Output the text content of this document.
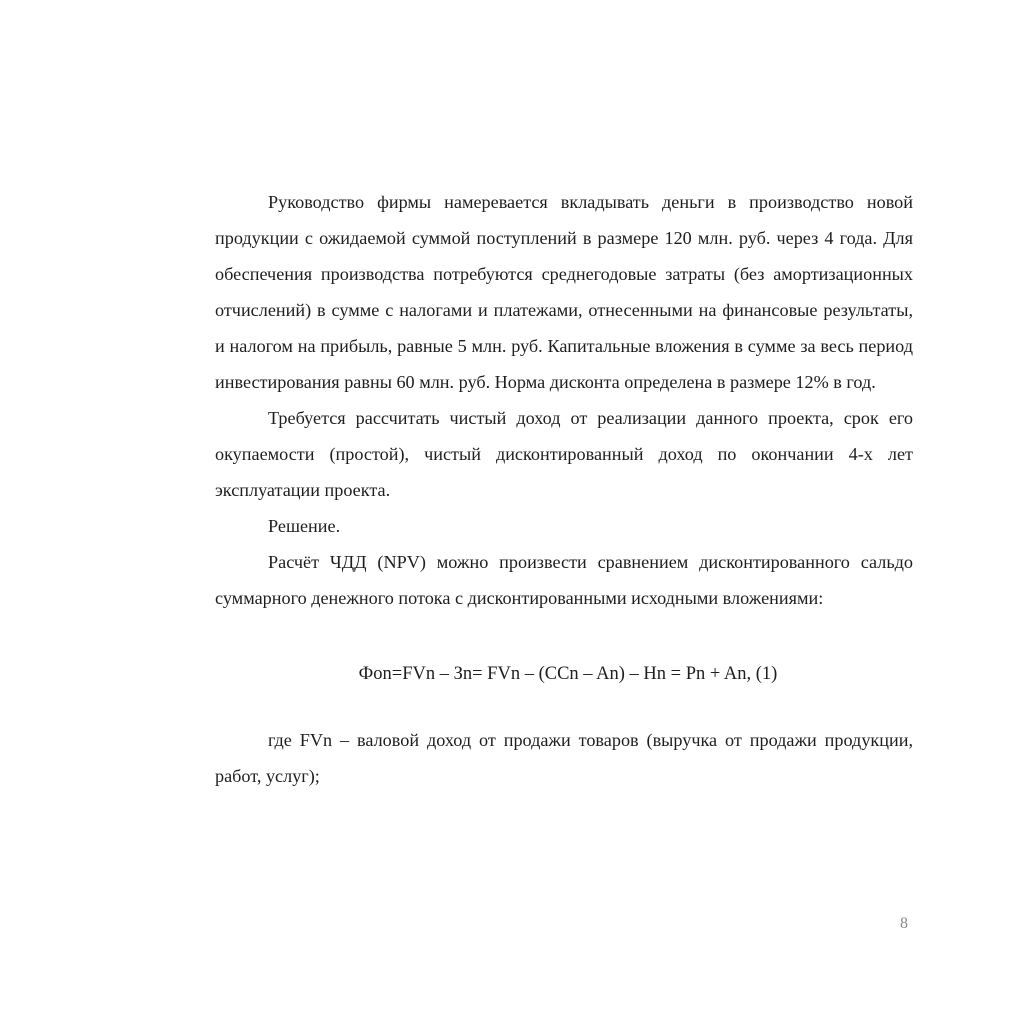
Руководство фирмы намеревается вкладывать деньги в производство новой продукции с ожидаемой суммой поступлений в размере 120 млн. руб. через 4 года. Для обеспечения производства потребуются среднегодовые затраты (без амортизационных отчислений) в сумме с налогами и платежами, отнесенными на финансовые результаты, и налогом на прибыль, равные 5 млн. руб. Капитальные вложения в сумме за весь период инвестирования равны 60 млн. руб. Норма дисконта определена в размере 12% в год.

Требуется рассчитать чистый доход от реализации данного проекта, срок его окупаемости (простой), чистый дисконтированный доход по окончании 4-х лет эксплуатации проекта.

Решение.

Расчёт ЧДД (NPV) можно произвести сравнением дисконтированного сальдо суммарного денежного потока с дисконтированными исходными вложениями:

Фоn=FVn – Зn= FVn – (CCn – An) – Hn = Pn + An, (1)

где FVn – валовой доход от продажи товаров (выручка от продажи продукции, работ, услуг);

8
